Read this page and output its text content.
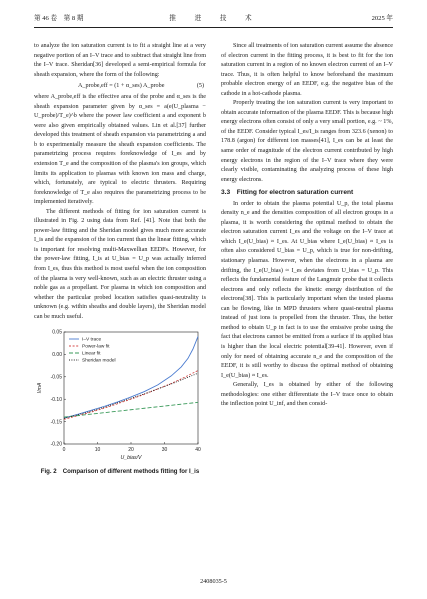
第 46 卷　第 8 期	推　进　技　术	2025 年

to analyze the ion saturation current is to fit a straight line at a very negative portion of an I–V trace and to subtract that straight line from the I–V trace. Sheridan[36] developed a semi-empirical formula for sheath expansion, where the form of the following:

A_probe,eff = (1 + α_ses) A_probe	(5)

where A_probe,eff is the effective area of the probe and α_ses is the sheath expansion parameter given by α_ses = a(e(U_plasma − U_probe)/T_e)^b where the power law coefficient a and exponent b were also given empirically obtained values. Lin et al.[37] further developed this treatment of sheath expansion via parametrizing a and b to experimentally measure the sheath expansion coefficients. The parametrizing process requires foreknowledge of I_es and by extension T_e and the composition of the plasma's ion groups, which limits its application to plasmas with known ion mass and charge, which, fortunately, are typical to electric thrusters. Requiring foreknowledge of T_e also requires the parametrizing process to be implemented iteratively.

The different methods of fitting for ion saturation current is illustrated in Fig. 2 using data from Ref. [41]. Note that both the power-law fitting and the Sheridan model gives much more accurate I_is and the expansion of the ion current than the linear fitting, which is important for resolving multi-Maxwellian EEDFs. However, for the power-law fitting, I_is at U_bias = U_p was actually inferred from I_es, thus this method is most useful when the ion composition of the plasma is very well-known, such as an electric thruster using a noble gas as a propellant. For plasma in which ion composition and whether the particular probed location satisfies quasi-neutrality is unknown (e.g. within sheaths and double layers), the Sheridan model can be much useful.

0	10	20	30	40
0.05
0.00
-0.05
-0.10
-0.15
-0.20
U_bias/V
I/mA
I–V trace
Power-law fit
Linear fit
Sheridan model
Fig. 2　Comparison of different methods fitting for I_is

Since all treatments of ion saturation current assume the absence of electron current in the fitting process, it is best to fit for the ion saturation current in a region of no known electron current of an I–V trace. Thus, it is often helpful to know beforehand the maximum probable electron energy of an EEDF, e.g. the negative bias of the cathode in a hot-cathode plasma.

Properly treating the ion saturation current is very important to obtain accurate information of the plasma EEDF. This is because high energy electrons often consist of only a very small portion, e.g. ~ 1%, of the EEDF. Consider typical I_es/I_is ranges from 323.6 (xenon) to 178.8 (argon) for different ion masses[41], I_es can be at least the same order of magnitude of the electron current contributed by high energy electrons in the region of the I–V trace where they were clearly visible, contaminating the analyzing process of these high energy electrons.

3.3　Fitting for electron saturation current

In order to obtain the plasma potential U_p, the total plasma density n_e and the densities composition of all electron groups in a plasma, it is worth considering the optimal method to obtain the electron saturation current I_es and the voltage on the I–V trace at which I_e(U_bias) ≈ I_es. At U_bias where I_e(U_bias) ≈ I_es is often also considered U_bias = U_p, which is true for non-drifting, stationary plasmas. However, when the electrons in a plasma are drifting, the I_e(U_bias) ≈ I_es deviates from U_bias = U_p. This reflects the fundamental feature of the Langmuir probe that it collects electrons and only reflects the kinetic energy distribution of the electrons[38]. This is particularly important when the tested plasma can be flowing, like in MPD thrusters where quasi-neutral plasma instead of just ions is propelled from the thruster. Thus, the better method to obtain U_p in fact is to use the emissive probe using the fact that electrons cannot be emitted from a surface if its applied bias is higher than the local electric potential[39-41]. However, even if only for need of obtaining accurate n_e and the composition of the EEDF, it is still worthy to discuss the optimal method of obtaining I_e(U_bias) ≈ I_es.

Generally, I_es is obtained by either of the following methodologies: one either differentiate the I–V trace once to obtain the inflection point U_inf, and then consid-

2408035-5
